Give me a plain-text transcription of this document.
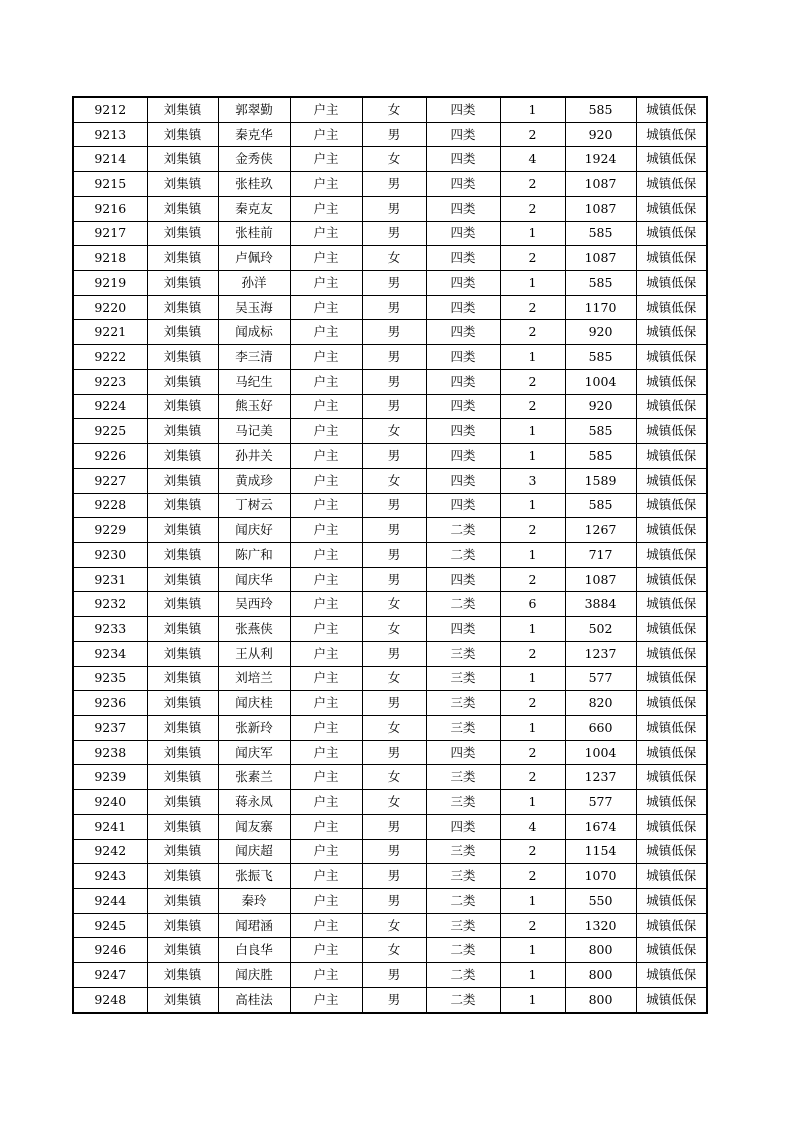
9212	刘集镇	郭翠勤	户主	女	四类	1	585	城镇低保
9213	刘集镇	秦克华	户主	男	四类	2	920	城镇低保
9214	刘集镇	金秀侠	户主	女	四类	4	1924	城镇低保
9215	刘集镇	张桂玖	户主	男	四类	2	1087	城镇低保
9216	刘集镇	秦克友	户主	男	四类	2	1087	城镇低保
9217	刘集镇	张桂前	户主	男	四类	1	585	城镇低保
9218	刘集镇	卢佩玲	户主	女	四类	2	1087	城镇低保
9219	刘集镇	孙洋	户主	男	四类	1	585	城镇低保
9220	刘集镇	吴玉海	户主	男	四类	2	1170	城镇低保
9221	刘集镇	闻成标	户主	男	四类	2	920	城镇低保
9222	刘集镇	李三清	户主	男	四类	1	585	城镇低保
9223	刘集镇	马纪生	户主	男	四类	2	1004	城镇低保
9224	刘集镇	熊玉好	户主	男	四类	2	920	城镇低保
9225	刘集镇	马记美	户主	女	四类	1	585	城镇低保
9226	刘集镇	孙井关	户主	男	四类	1	585	城镇低保
9227	刘集镇	黄成珍	户主	女	四类	3	1589	城镇低保
9228	刘集镇	丁树云	户主	男	四类	1	585	城镇低保
9229	刘集镇	闻庆好	户主	男	二类	2	1267	城镇低保
9230	刘集镇	陈广和	户主	男	二类	1	717	城镇低保
9231	刘集镇	闻庆华	户主	男	四类	2	1087	城镇低保
9232	刘集镇	吴西玲	户主	女	二类	6	3884	城镇低保
9233	刘集镇	张燕侠	户主	女	四类	1	502	城镇低保
9234	刘集镇	王从利	户主	男	三类	2	1237	城镇低保
9235	刘集镇	刘培兰	户主	女	三类	1	577	城镇低保
9236	刘集镇	闻庆桂	户主	男	三类	2	820	城镇低保
9237	刘集镇	张新玲	户主	女	三类	1	660	城镇低保
9238	刘集镇	闻庆军	户主	男	四类	2	1004	城镇低保
9239	刘集镇	张素兰	户主	女	三类	2	1237	城镇低保
9240	刘集镇	蒋永凤	户主	女	三类	1	577	城镇低保
9241	刘集镇	闻友寨	户主	男	四类	4	1674	城镇低保
9242	刘集镇	闻庆超	户主	男	三类	2	1154	城镇低保
9243	刘集镇	张振飞	户主	男	三类	2	1070	城镇低保
9244	刘集镇	秦玲	户主	男	二类	1	550	城镇低保
9245	刘集镇	闻珺涵	户主	女	三类	2	1320	城镇低保
9246	刘集镇	白良华	户主	女	二类	1	800	城镇低保
9247	刘集镇	闻庆胜	户主	男	二类	1	800	城镇低保
9248	刘集镇	高桂法	户主	男	二类	1	800	城镇低保
